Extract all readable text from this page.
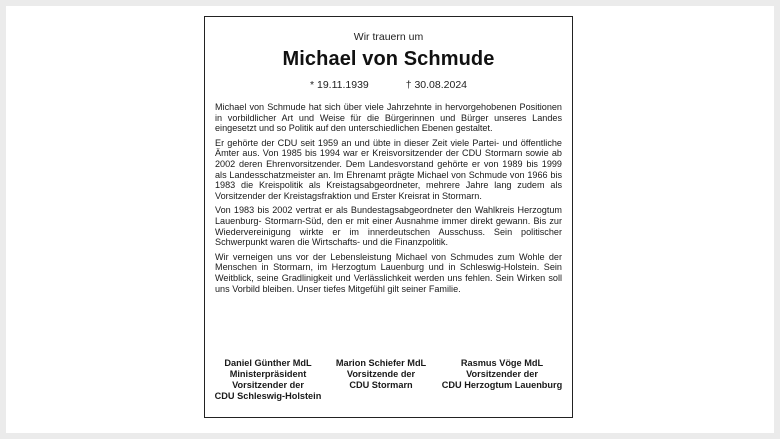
Wir trauern um
Michael von Schmude
* 19.11.1939	† 30.08.2024

Michael von Schmude hat sich über viele Jahrzehnte in hervorgehobenen Positionen in vorbildlicher Art und Weise für die Bürgerinnen und Bürger unseres Landes eingesetzt und so Politik auf den unterschiedlichen Ebenen gestaltet.

Er gehörte der CDU seit 1959 an und übte in dieser Zeit viele Partei- und öffentliche Ämter aus. Von 1985 bis 1994 war er Kreisvorsitzender der CDU Stormarn sowie ab 2002 deren Ehrenvorsitzender. Dem Landesvorstand gehörte er von 1989 bis 1999 als Landesschatzmeister an. Im Ehrenamt prägte Michael von Schmude von 1966 bis 1983 die Kreispolitik als Kreistagsabgeordneter, mehrere Jahre lang zudem als Vorsitzender der Kreistagsfraktion und Erster Kreisrat in Stormarn.

Von 1983 bis 2002 vertrat er als Bundestagsabgeordneter den Wahlkreis Herzogtum Lauenburg- Stormarn-Süd, den er mit einer Ausnahme immer direkt gewann. Bis zur Wiedervereinigung wirkte er im innerdeutschen Ausschuss. Sein politischer Schwerpunkt waren die Wirtschafts- und die Finanzpolitik.

Wir verneigen uns vor der Lebensleistung Michael von Schmudes zum Wohle der Menschen in Stormarn, im Herzogtum Lauenburg und in Schleswig-Holstein. Sein Weitblick, seine Gradlinigkeit und Verlässlichkeit werden uns fehlen. Sein Wirken soll uns Vorbild bleiben. Unser tiefes Mitgefühl gilt seiner Familie.

Daniel Günther MdL
Ministerpräsident
Vorsitzender der
CDU Schleswig-Holstein
Marion Schiefer MdL
Vorsitzende der
CDU Stormarn
Rasmus Vöge MdL
Vorsitzender der
CDU Herzogtum Lauenburg
